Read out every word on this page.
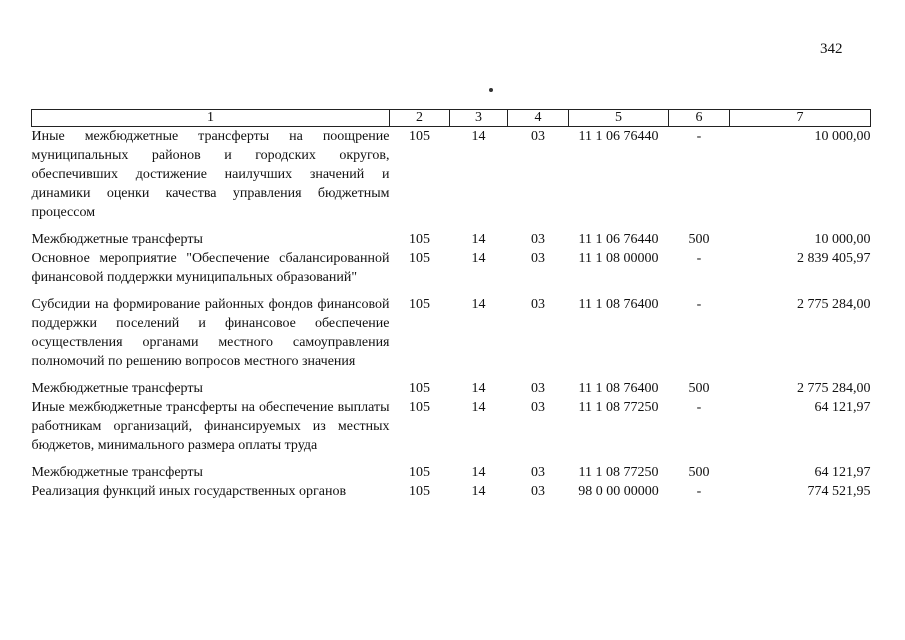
342
1	2	3	4	5	6	7
Иные межбюджетные трансферты на поощрение муниципальных районов и городских округов, обеспечивших достижение наилучших значений и динамики оценки качества управления бюджетным процессом	105	14	03	11 1 06 76440	-	10 000,00
Межбюджетные трансферты	105	14	03	11 1 06 76440	500	10 000,00
Основное мероприятие "Обеспечение сбалансированной финансовой поддержки муниципальных образований"	105	14	03	11 1 08 00000	-	2 839 405,97
Субсидии на формирование районных фондов финансовой поддержки поселений и финансовое обеспечение осуществления органами местного самоуправления полномочий по решению вопросов местного значения	105	14	03	11 1 08 76400	-	2 775 284,00
Межбюджетные трансферты	105	14	03	11 1 08 76400	500	2 775 284,00
Иные межбюджетные трансферты на обеспечение выплаты работникам организаций, финансируемых из местных бюджетов, минимального размера оплаты труда	105	14	03	11 1 08 77250	-	64 121,97
Межбюджетные трансферты	105	14	03	11 1 08 77250	500	64 121,97
Реализация функций иных государственных органов	105	14	03	98 0 00 00000	-	774 521,95
